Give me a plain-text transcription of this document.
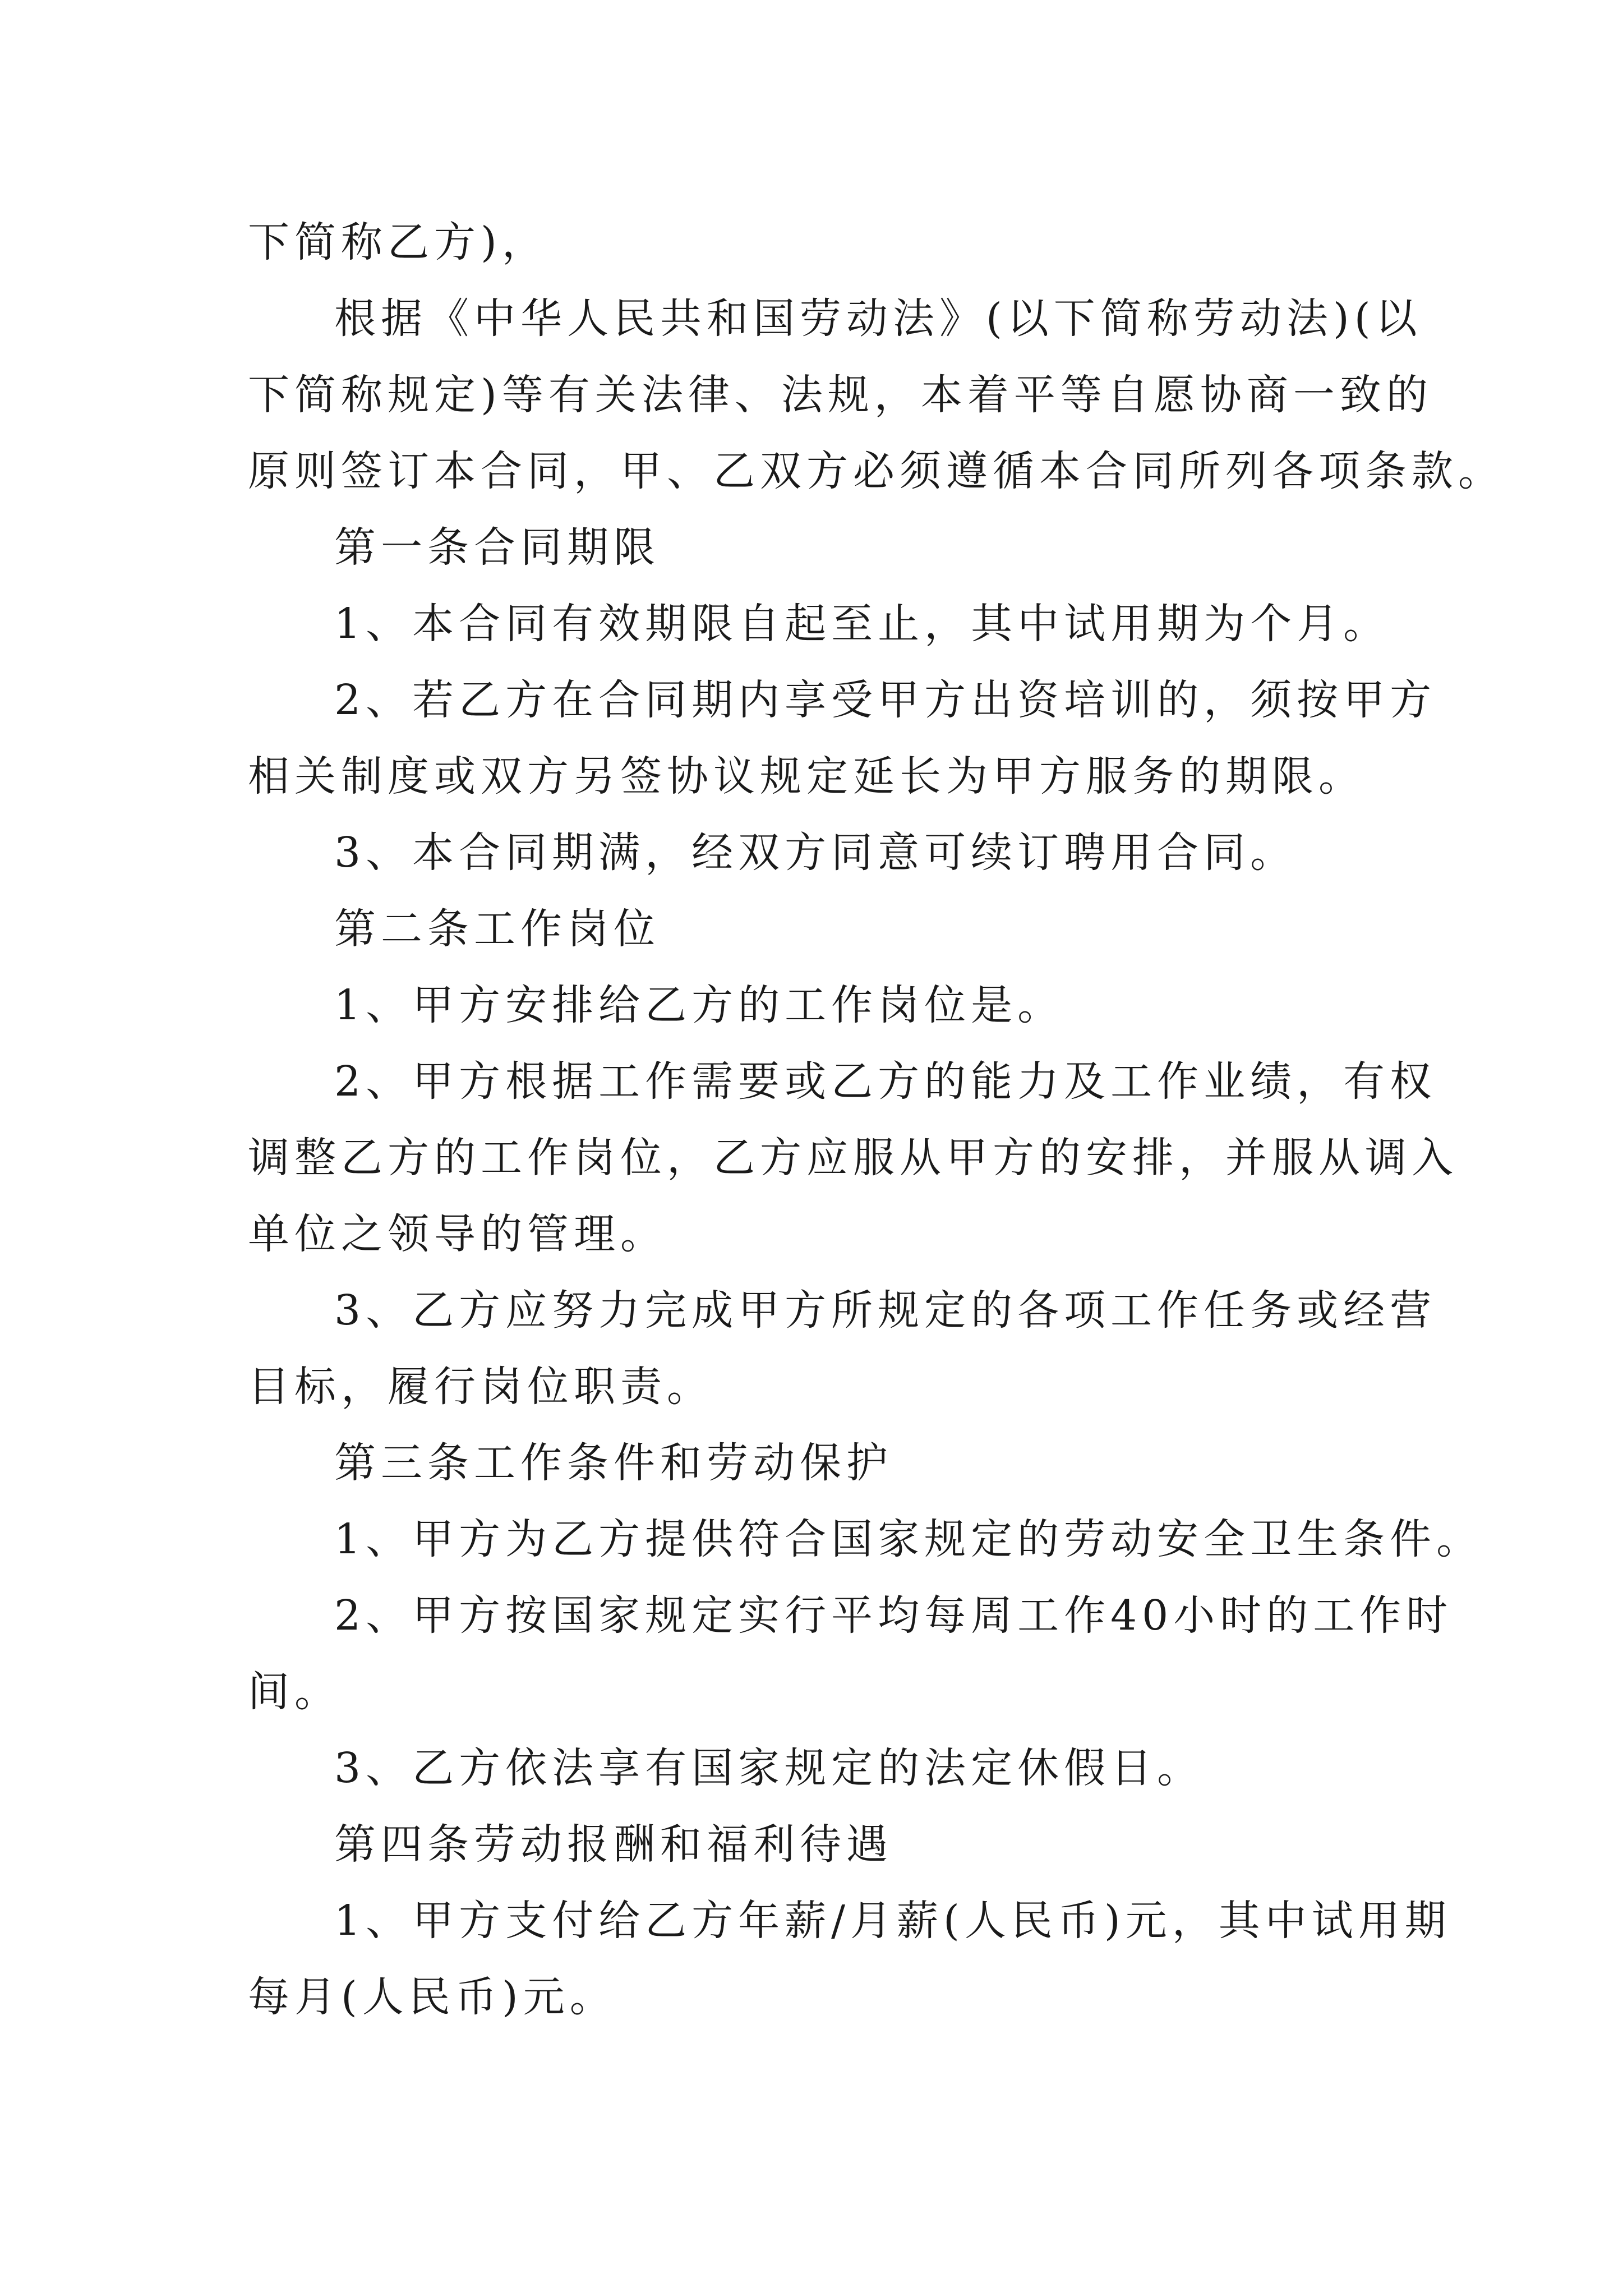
下简称乙方)，
根据《中华人民共和国劳动法》(以下简称劳动法)(以
下简称规定)等有关法律、法规，本着平等自愿协商一致的
原则签订本合同，甲、乙双方必须遵循本合同所列各项条款。
第一条合同期限
1、本合同有效期限自起至止，其中试用期为个月。
2、若乙方在合同期内享受甲方出资培训的，须按甲方
相关制度或双方另签协议规定延长为甲方服务的期限。
3、本合同期满，经双方同意可续订聘用合同。
第二条工作岗位
1、甲方安排给乙方的工作岗位是。
2、甲方根据工作需要或乙方的能力及工作业绩，有权
调整乙方的工作岗位，乙方应服从甲方的安排，并服从调入
单位之领导的管理。
3、乙方应努力完成甲方所规定的各项工作任务或经营
目标，履行岗位职责。
第三条工作条件和劳动保护
1、甲方为乙方提供符合国家规定的劳动安全卫生条件。
2、甲方按国家规定实行平均每周工作40小时的工作时
间。
3、乙方依法享有国家规定的法定休假日。
第四条劳动报酬和福利待遇
1、甲方支付给乙方年薪/月薪(人民币)元，其中试用期
每月(人民币)元。
